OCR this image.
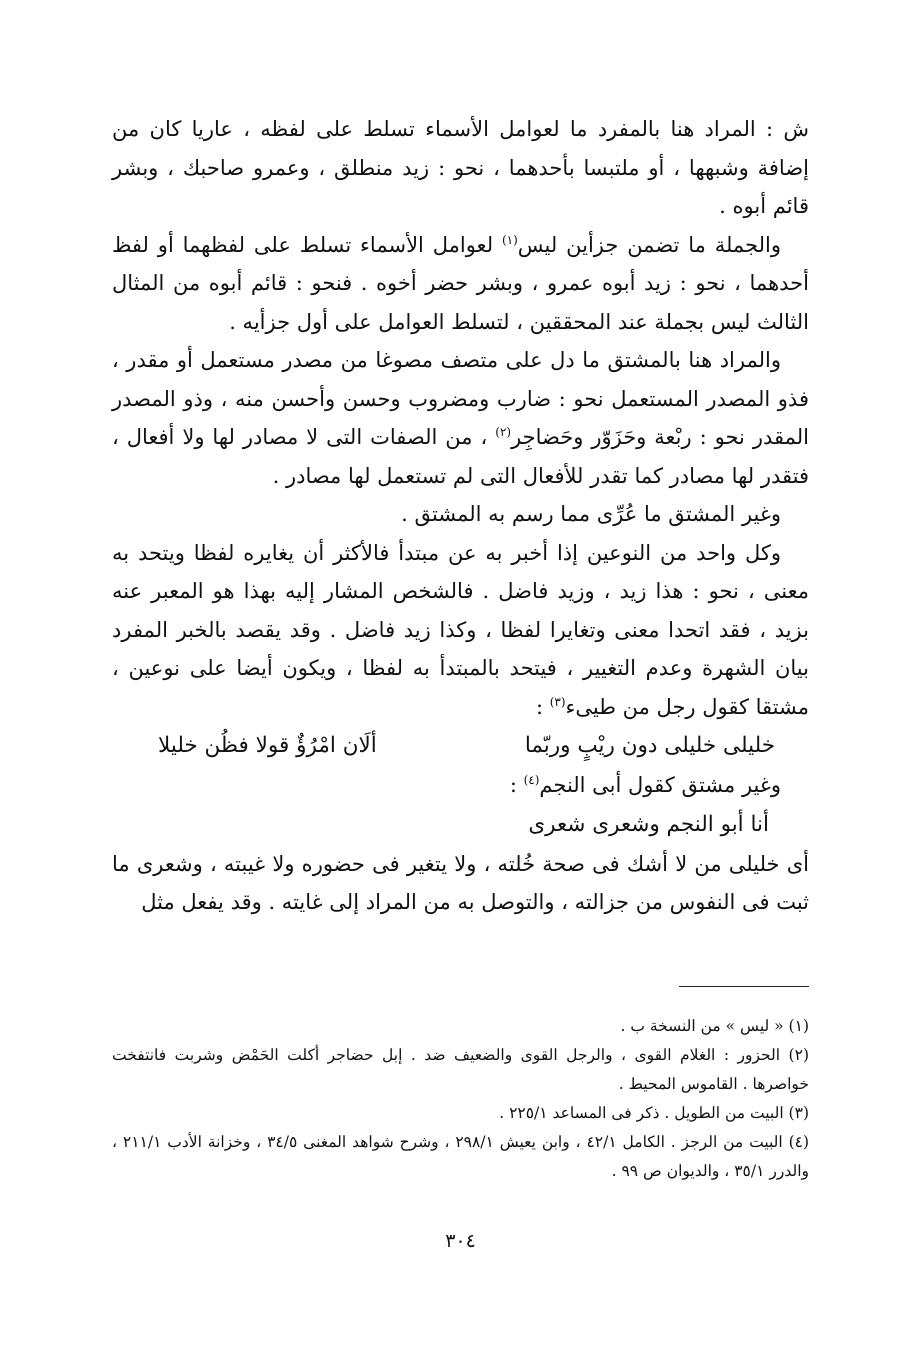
ش : المراد هنا بالمفرد ما لعوامل الأسماء تسلط على لفظه ، عاريا كان من إضافة وشبهها ، أو ملتبسا بأحدهما ، نحو : زيد منطلق ، وعمرو صاحبك ، وبشر قائم أبوه .

والجملة ما تضمن جزأين ليس$^{(١)}$ لعوامل الأسماء تسلط على لفظهما أو لفظ أحدهما ، نحو : زيد أبوه عمرو ، وبشر حضر أخوه . فنحو : قائم أبوه من المثال الثالث ليس بجملة عند المحققين ، لتسلط العوامل على أول جزأيه .

والمراد هنا بالمشتق ما دل على متصف مصوغا من مصدر مستعمل أو مقدر ، فذو المصدر المستعمل نحو : ضارب ومضروب وحسن وأحسن منه ، وذو المصدر المقدر نحو : ربْعة وحَزَوّر وحَضاجِر$^{(٢)}$ ، من الصفات التى لا مصادر لها ولا أفعال ، فتقدر لها مصادر كما تقدر للأفعال التى لم تستعمل لها مصادر .

وغير المشتق ما عُرِّى مما رسم به المشتق .

وكل واحد من النوعين إذا أخبر به عن مبتدأ فالأكثر أن يغايره لفظا ويتحد به معنى ، نحو : هذا زيد ، وزيد فاضل . فالشخص المشار إليه بهذا هو المعبر عنه بزيد ، فقد اتحدا معنى وتغايرا لفظا ، وكذا زيد فاضل . وقد يقصد بالخبر المفرد بيان الشهرة وعدم التغيير ، فيتحد بالمبتدأ به لفظا ، ويكون أيضا على نوعين ، مشتقا كقول رجل من طيىء$^{(٣)}$ :

خليلى خليلى دون ريْبٍ وربّما
ألَان امْرُؤٌ قولا فظُن خليلا

وغير مشتق كقول أبى النجم$^{(٤)}$ :

أنا أبو النجم وشعرى شعرى

أى خليلى من لا أشك فى صحة خُلته ، ولا يتغير فى حضوره ولا غيبته ، وشعرى ما ثبت فى النفوس من جزالته ، والتوصل به من المراد إلى غايته . وقد يفعل مثل

(١) « ليس » من النسخة ب .

(٢) الحزور : الغلام القوى ، والرجل القوى والضعيف ضد . إبل حضاجر أكلت الحَمْض وشربت فانتفخت خواصرها . القاموس المحيط .

(٣) البيت من الطويل . ذكر فى المساعد ٢٢٥/١ .

(٤) البيت من الرجز . الكامل ٤٢/١ ، وابن يعيش ٢٩٨/١ ، وشرح شواهد المغنى ٣٤/٥ ، وخزانة الأدب ٢١١/١ ، والدرر ٣٥/١ ، والديوان ص ٩٩ .

٣٠٤
